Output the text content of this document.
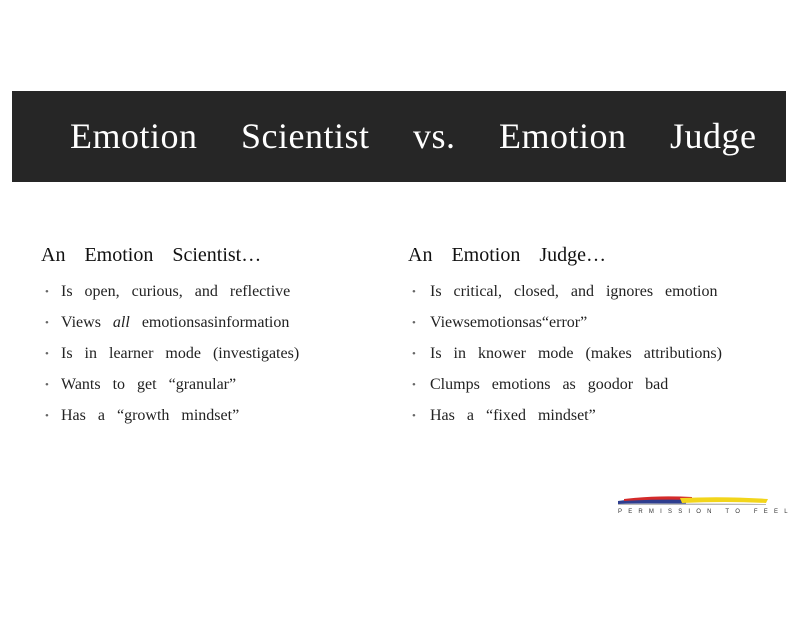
Emotion Scientist vs. Emotion Judge
An Emotion Scientist…
• Is open, curious, and reflective
• Views all emotionsasinformation
• Is in learner mode (investigates)
• Wants to get “granular”
• Has a “growth mindset”
An Emotion Judge…
• Is critical, closed, and ignores emotion
• Viewsemotionsas“error”
• Is in knower mode (makes attributions)
• Clumps emotions as goodor bad
• Has a “fixed mindset”
PERMISSION TO FEEL
